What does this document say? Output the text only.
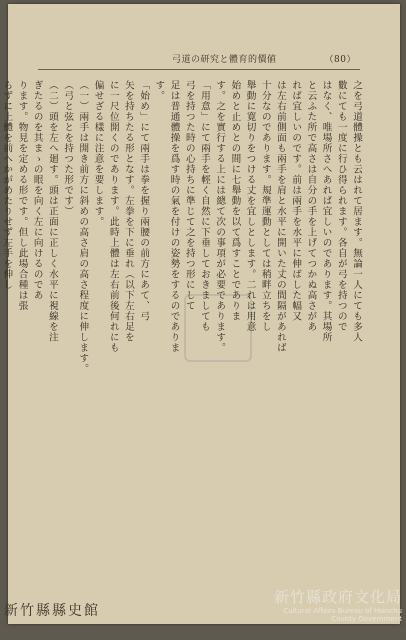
弓道の研究と體育的價値	（80）
之を弓道體操とも云はれて居ます。無論一人にても多人
數にても一度に行ひ得られます。各自が弓を持つので
はなく、唯場所さへあれば宜しいのであります。其場所
と云ふた所で高さは自分の手を上げてつかぬ高さがあ
れば宜しいのです。前は兩手を水平に伸ばした幅又
は左右前側面も兩手を肩と水平に開いた丈の間隔があれば
十分なのであります。規準運動としては稍畔立ちをし
舉動に寛切りをつける丈を宜しとします。二れは用意
始めと止めとの間に七舉動を以て爲すことでありま
す。之を實行する上には總て次の事項が必要であります。
「用意」にて兩手を輕く自然に下垂しておきましても
弓を持つた時の心持ちに準じて之を持つ形にして
足は普通體操を爲す時の氣を付けの姿勢をするのでありま
す。
「始め」にて兩手は拳を握り兩腰の前方にあて、弓
矢を持ちたる形となす。左拳を下に垂れ（以下左右足を
に一尺位開くのであります。此時上體は左右前後何れにも
偏せざる樣に注意を要します。
（一）兩手は開き前方に斜めの高さ肩の高さ程度に伸します。
（弓と弦とを持つた形です）
（二）頭を左へ廻す。頭は正面に正しく水平に視線を注
ぎたるのを其まゝの眼を向く左に向けるのであ
ります。物見を定める形です。但し此場合種は張
らずに上體を前へかがめたりせず左手を伸し
新竹縣縣史館
新竹縣政府文化局
Cultural Affairs Bureau of Hsinchu
County Government
